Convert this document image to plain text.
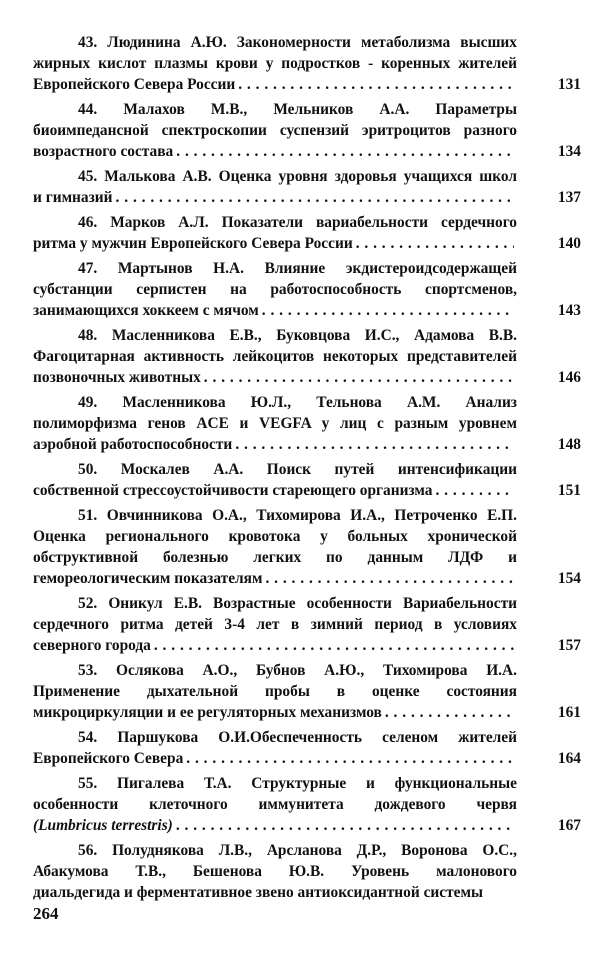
43. Людинина А.Ю. Закономерности метаболизма высших
жирных кислот плазмы крови у подростков - коренных жителей
Европейского Севера России . . .	131
44. Малахов М.В., Мельников А.А. Параметры
биоимпедансной спектроскопии суспензий эритроцитов разного
возрастного состава . . .	134
45. Малькова А.В. Оценка уровня здоровья учащихся школ
и гимназий . . .	137
46. Марков А.Л. Показатели вариабельности сердечного
ритма у мужчин Европейского Севера России . . .	140
47. Мартынов Н.А. Влияние экдистероидсодержащей
субстанции серпистен на работоспособность спортсменов,
занимающихся хоккеем с мячом . . .	143
48. Масленникова Е.В., Буковцова И.С., Адамова В.В.
Фагоцитарная активность лейкоцитов некоторых представителей
позвоночных животных . . .	146
49. Масленникова Ю.Л., Тельнова А.М. Анализ
полиморфизма генов ACE и VEGFA у лиц с разным уровнем
аэробной работоспособности . . .	148
50. Москалев А.А. Поиск путей интенсификации
собственной стрессоустойчивости стареющего организма . . .	151
51. Овчинникова О.А., Тихомирова И.А., Петроченко Е.П.
Оценка регионального кровотока у больных хронической
обструктивной болезнью легких по данным ЛДФ и
гемореологическим показателям . . .	154
52. Оникул Е.В. Возрастные особенности Вариабельности
сердечного ритма детей 3-4 лет в зимний период в условиях
северного города . . .	157
53. Ослякова А.О., Бубнов А.Ю., Тихомирова И.А.
Применение дыхательной пробы в оценке состояния
микроциркуляции и ее регуляторных механизмов . . .	161
54. Паршукова О.И.Обеспеченность селеном жителей
Европейского Севера . . .	164
55. Пигалева Т.А. Структурные и функциональные
особенности клеточного иммунитета дождевого червя
(Lumbricus terrestris) . . .	167
56. Полуднякова Л.В., Арсланова Д.Р., Воронова О.С.,
Абакумова Т.В., Бешенова Ю.В. Уровень малонового
диальдегида и ферментативное звено антиоксидантной системы
264
